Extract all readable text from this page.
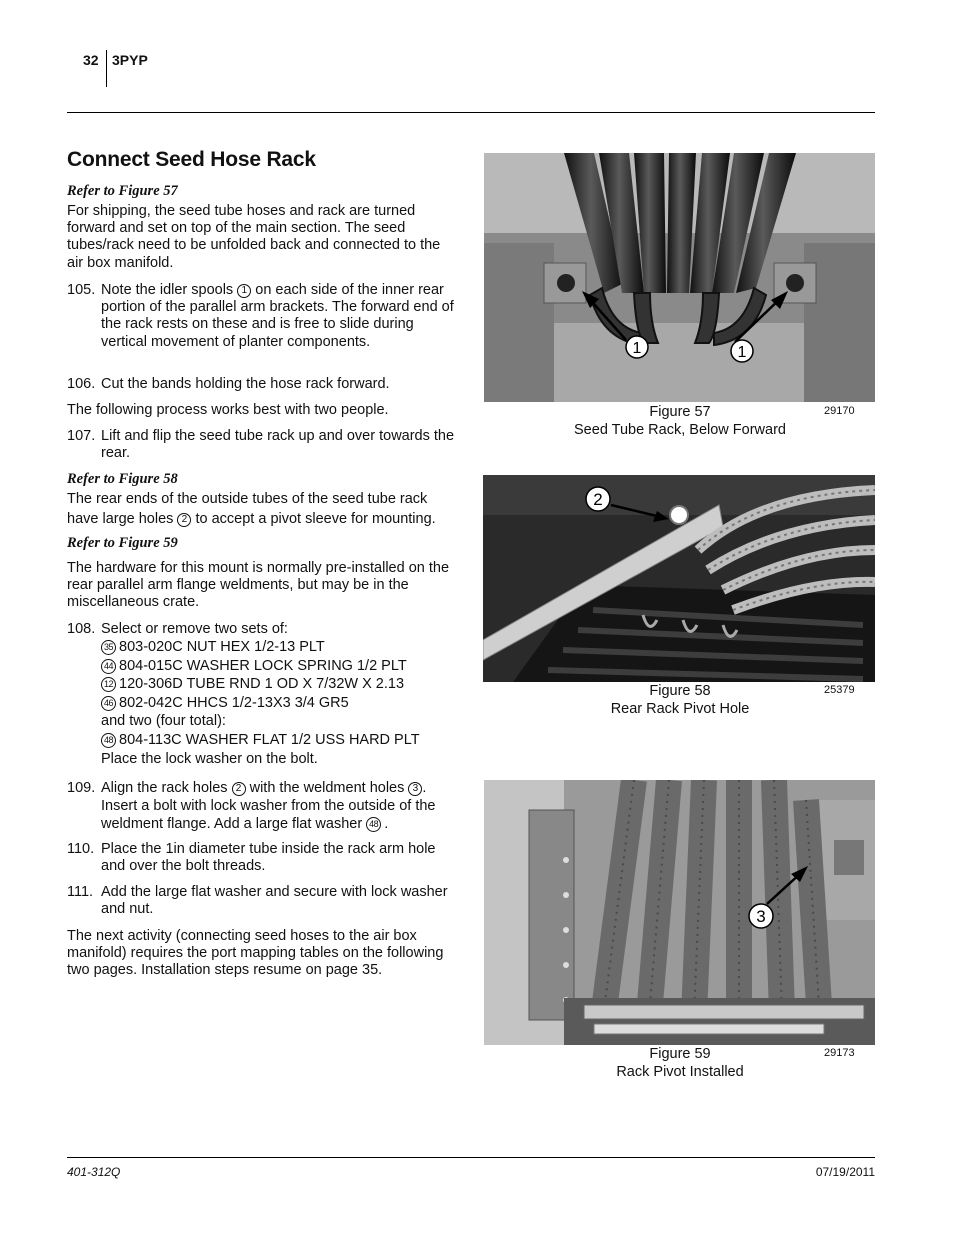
32 3PYP
Connect Seed Hose Rack
Refer to Figure 57
For shipping, the seed tube hoses and rack are turned forward and set on top of the main section. The seed tubes/rack need to be unfolded back and connected to the air box manifold.
105. Note the idler spools 1 on each side of the inner rear portion of the parallel arm brackets. The forward end of the rack rests on these and is free to slide during vertical movement of planter components.
106. Cut the bands holding the hose rack forward.
The following process works best with two people.
107. Lift and flip the seed tube rack up and over towards the rear.
Refer to Figure 58
The rear ends of the outside tubes of the seed tube rack have large holes 2 to accept a pivot sleeve for mounting.
Refer to Figure 59
The hardware for this mount is normally pre-installed on the rear parallel arm flange weldments, but may be in the miscellaneous crate.
108. Select or remove two sets of:
35 803-020C NUT HEX 1/2-13 PLT
44 804-015C WASHER LOCK SPRING 1/2 PLT
12 120-306D TUBE RND 1 OD X 7/32W X 2.13
46 802-042C HHCS 1/2-13X3 3/4 GR5
and two (four total):
48 804-113C WASHER FLAT 1/2 USS HARD PLT
Place the lock washer on the bolt.
109. Align the rack holes 2 with the weldment holes 3 . Insert a bolt with lock washer from the outside of the weldment flange. Add a large flat washer 48 .
110. Place the 1in diameter tube inside the rack arm hole and over the bolt threads.
111. Add the large flat washer and secure with lock washer and nut.
The next activity (connecting seed hoses to the air box manifold) requires the port mapping tables on the following two pages. Installation steps resume on page 35.
1	1
Figure 57
Seed Tube Rack, Below Forward
29170
2
Figure 58
Rear Rack Pivot Hole
25379
3
Figure 59
Rack Pivot Installed
29173
401-312Q	07/19/2011
